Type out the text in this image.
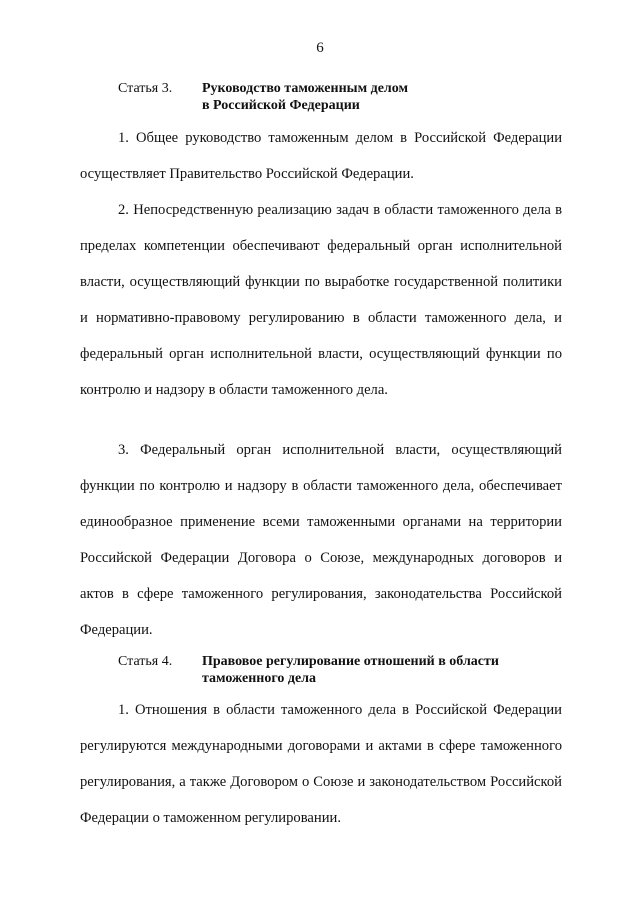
6
Статья 3. Руководство таможенным делом
в Российской Федерации

1. Общее руководство таможенным делом в Российской Федерации осуществляет Правительство Российской Федерации.

2. Непосредственную реализацию задач в области таможенного дела в пределах компетенции обеспечивают федеральный орган исполнительной власти, осуществляющий функции по выработке государственной политики и нормативно-правовому регулированию в области таможенного дела, и федеральный орган исполнительной власти, осуществляющий функции по контролю и надзору в области таможенного дела.

3. Федеральный орган исполнительной власти, осуществляющий функции по контролю и надзору в области таможенного дела, обеспечивает единообразное применение всеми таможенными органами на территории Российской Федерации Договора о Союзе, международных договоров и актов в сфере таможенного регулирования, законодательства Российской Федерации.

Статья 4. Правовое регулирование отношений в области
таможенного дела

1. Отношения в области таможенного дела в Российской Федерации регулируются международными договорами и актами в сфере таможенного регулирования, а также Договором о Союзе и законодательством Российской Федерации о таможенном регулировании.
